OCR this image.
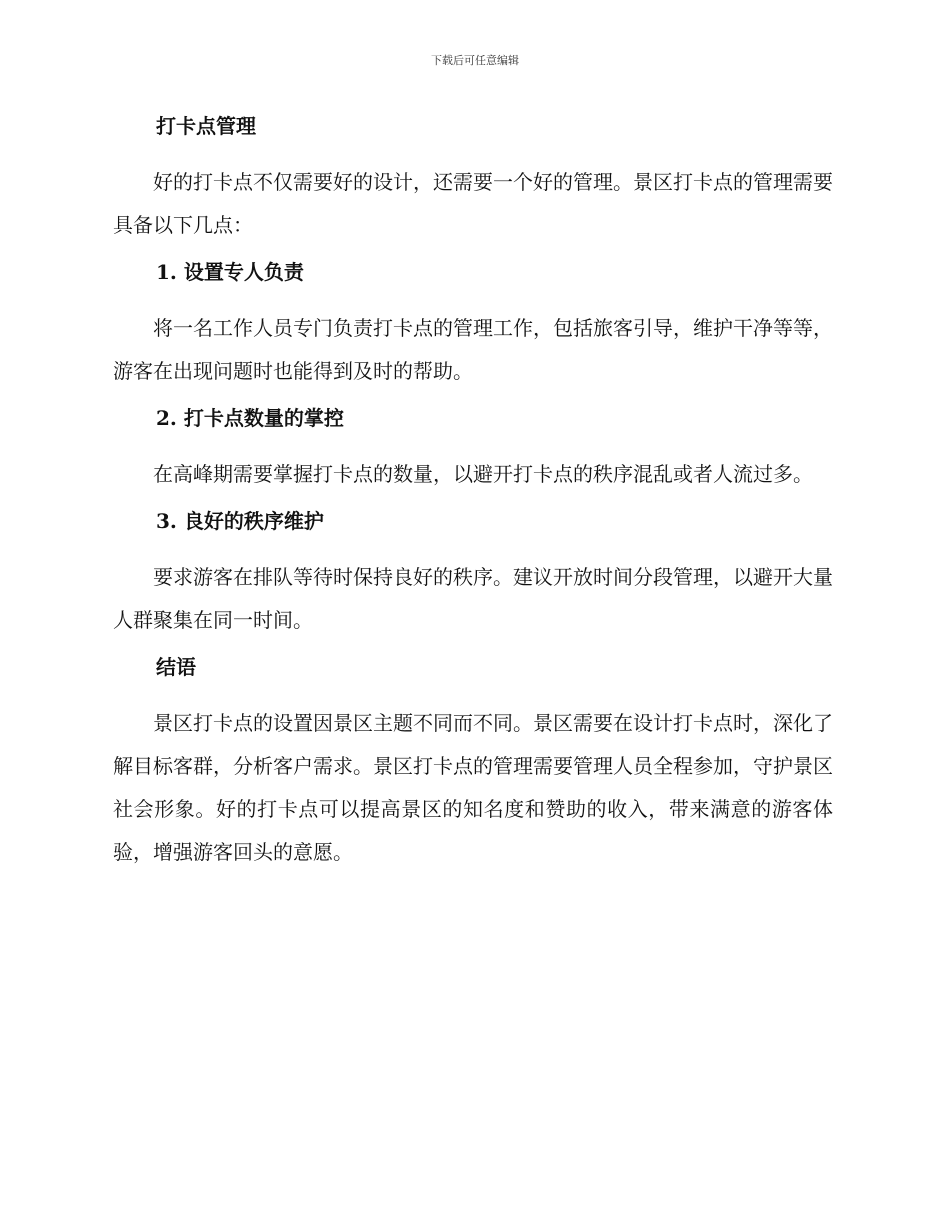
下载后可任意编辑
打卡点管理

好的打卡点不仅需要好的设计，还需要一个好的管理。景区打卡点的管理需要具备以下几点：

1. 设置专人负责

将一名工作人员专门负责打卡点的管理工作，包括旅客引导，维护干净等等，游客在出现问题时也能得到及时的帮助。

2. 打卡点数量的掌控

在高峰期需要掌握打卡点的数量，以避开打卡点的秩序混乱或者人流过多。

3. 良好的秩序维护

要求游客在排队等待时保持良好的秩序。建议开放时间分段管理，以避开大量人群聚集在同一时间。

结语

景区打卡点的设置因景区主题不同而不同。景区需要在设计打卡点时，深化了解目标客群，分析客户需求。景区打卡点的管理需要管理人员全程参加，守护景区社会形象。好的打卡点可以提高景区的知名度和赞助的收入，带来满意的游客体验，增强游客回头的意愿。
